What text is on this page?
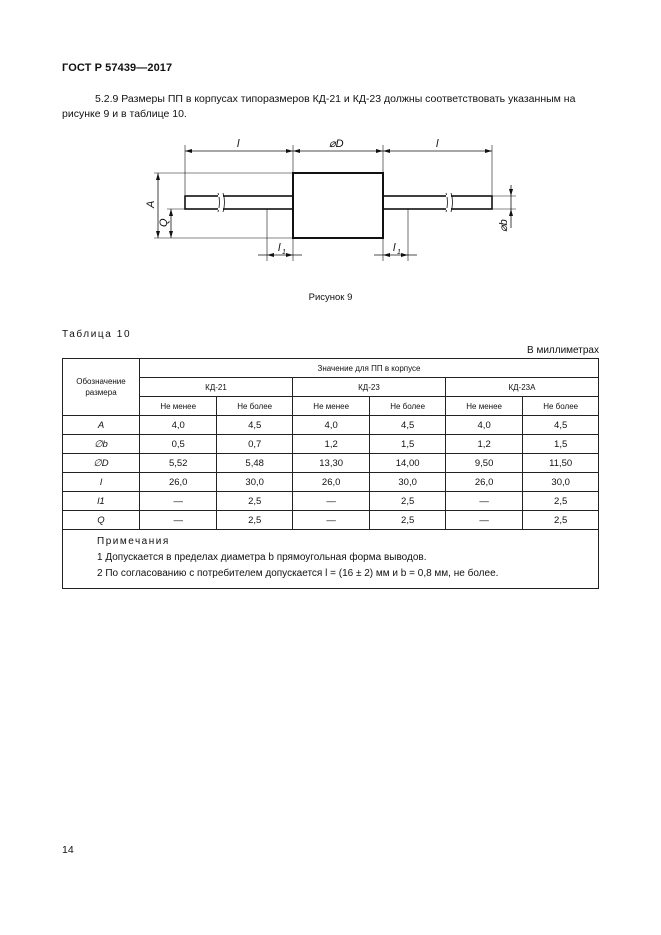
ГОСТ Р 57439—2017
5.2.9 Размеры ПП в корпусах типоразмеров КД-21 и КД-23 должны соответствовать указанным на
рисунке 9 и в таблице 10.
l	⌀D	l
l 1	l 1
A
Q	⌀b
Рисунок 9
Таблица 10
В миллиметрах
Обозначение размера	Значение для ПП в корпусе					
	КД-21		КД-23		КД-23А	
	Не менее	Не более	Не менее	Не более	Не менее	Не более
A	4,0	4,5	4,0	4,5	4,0	4,5
∅b	0,5	0,7	1,2	1,5	1,2	1,5
∅D	5,52	5,48	13,30	14,00	9,50	11,50
l	26,0	30,0	26,0	30,0	26,0	30,0
l1	—	2,5	—	2,5	—	2,5
Q	—	2,5	—	2,5	—	2,5

Примечания
1 Допускается в пределах диаметра b прямоугольная форма выводов.
2 По согласованию с потребителем допускается l = (16 ± 2) мм и b = 0,8 мм, не более.						
14
